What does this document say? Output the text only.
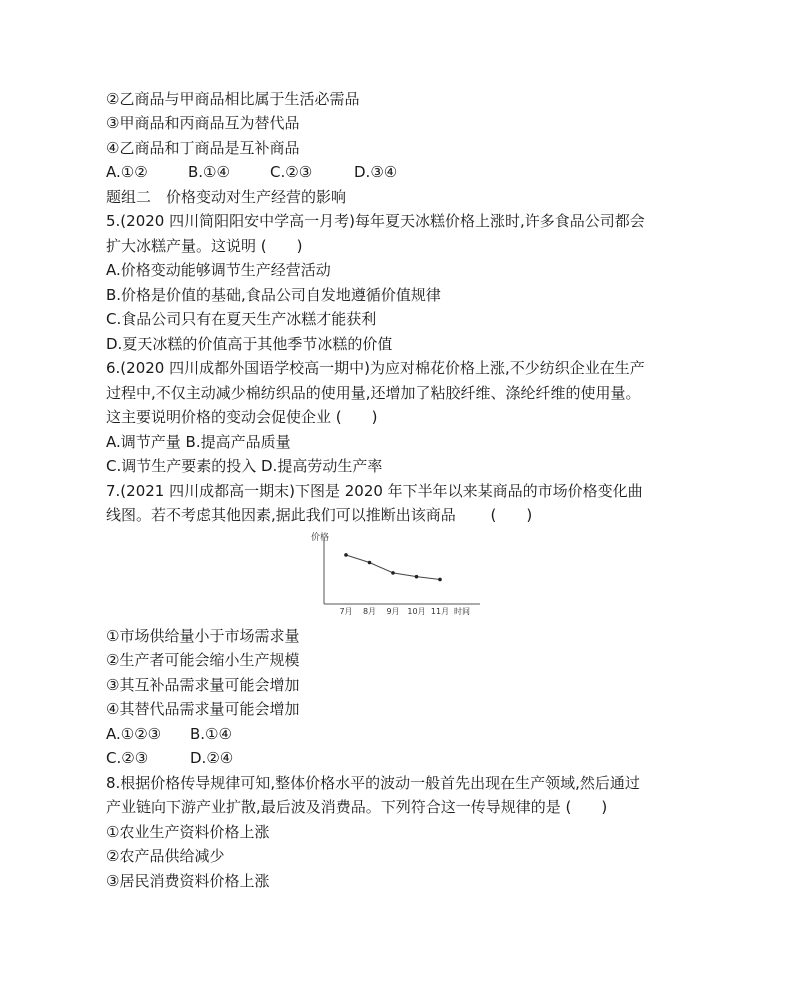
②乙商品与甲商品相比属于生活必需品
③甲商品和丙商品互为替代品
④乙商品和丁商品是互补商品
A.①②	B.①④	C.②③	D.③④
题组二　价格变动对生产经营的影响
5.(2020 四川简阳阳安中学高一月考)每年夏天冰糕价格上涨时,许多食品公司都会
扩大冰糕产量。这说明 (　　)
A.价格变动能够调节生产经营活动
B.价格是价值的基础,食品公司自发地遵循价值规律
C.食品公司只有在夏天生产冰糕才能获利
D.夏天冰糕的价值高于其他季节冰糕的价值
6.(2020 四川成都外国语学校高一期中)为应对棉花价格上涨,不少纺织企业在生产
过程中,不仅主动减少棉纺织品的使用量,还增加了粘胶纤维、涤纶纤维的使用量。
这主要说明价格的变动会促使企业 (　　)
A.调节产量 B.提高产品质量
C.调节生产要素的投入 D.提高劳动生产率
7.(2021 四川成都高一期末)下图是 2020 年下半年以来某商品的市场价格变化曲
线图。若不考虑其他因素,据此我们可以推断出该商品 　　(　　)
价格
7月 8月 9月 10月 11月 时间
①市场供给量小于市场需求量
②生产者可能会缩小生产规模
③其互补品需求量可能会增加
④其替代品需求量可能会增加
A.①②③ B.①④
C.②③	D.②④
8.根据价格传导规律可知,整体价格水平的波动一般首先出现在生产领域,然后通过
产业链向下游产业扩散,最后波及消费品。下列符合这一传导规律的是 (　　)
①农业生产资料价格上涨
②农产品供给减少
③居民消费资料价格上涨
